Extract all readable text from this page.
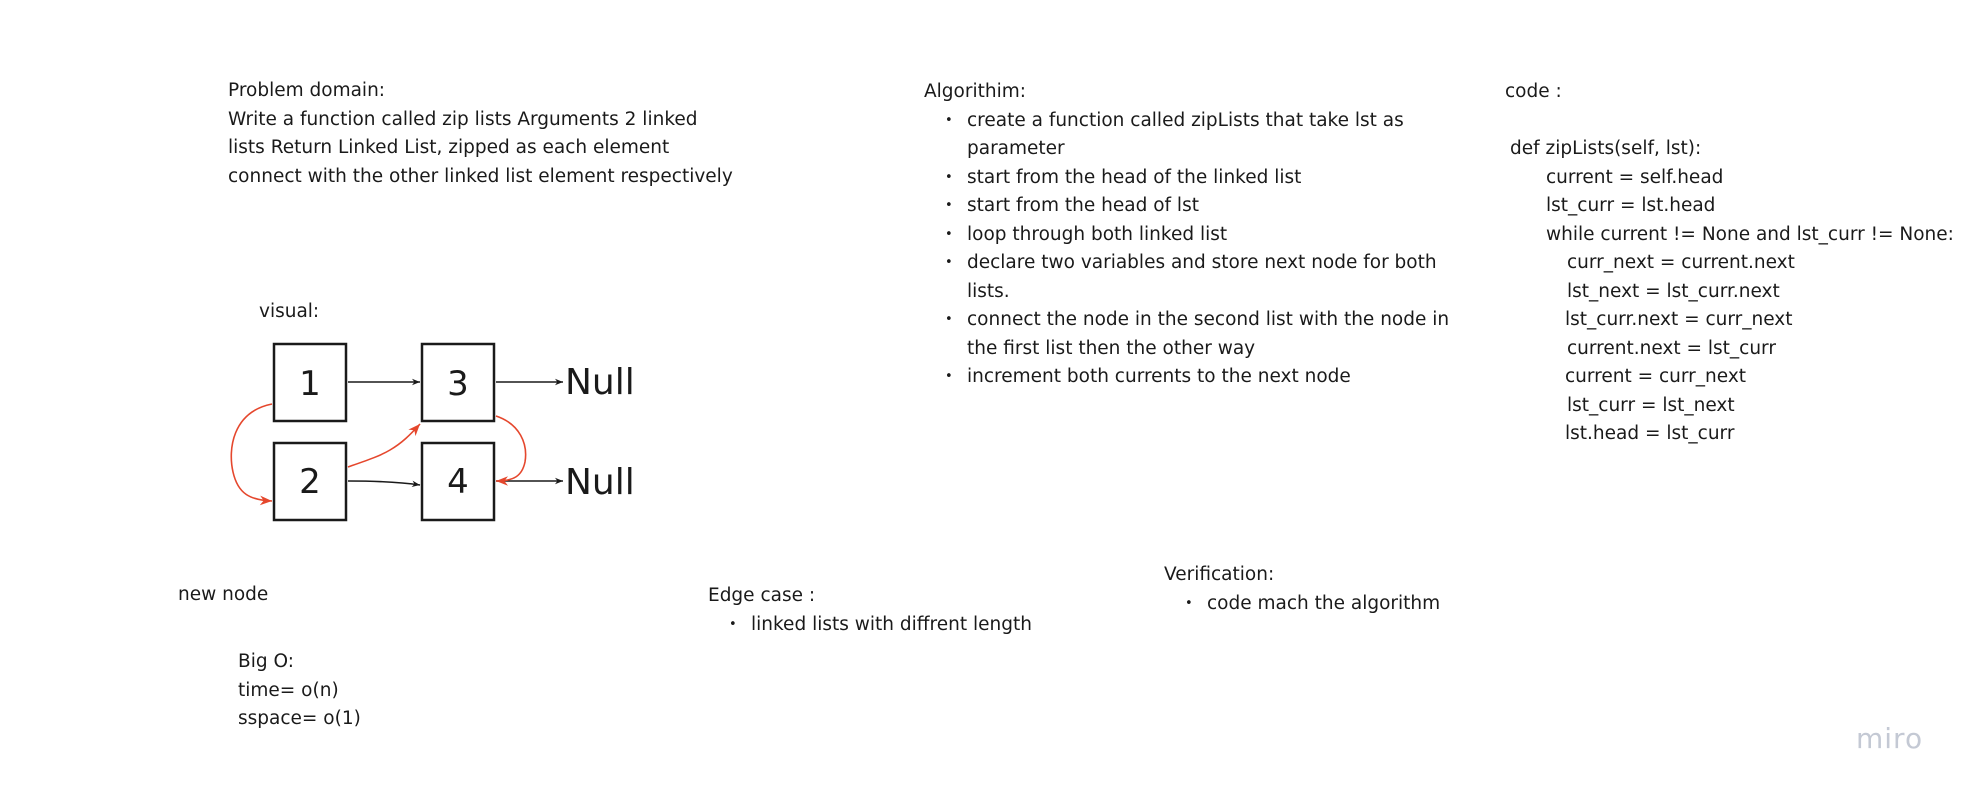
Problem domain:
Write a function called zip lists Arguments 2 linked
lists Return Linked List, zipped as each element
connect with the other linked list element respectively
Algorithim:
• create a function called zipLists that take lst as
parameter
• start from the head of the linked list
• start from the head of lst
• loop through both linked list
• declare two variables and store next node for both
lists.
• connect the node in the second list with the node in
the first list then the other way
• increment both currents to the next node
code :

def zipLists(self, lst):
current = self.head
lst_curr = lst.head
while current != None and lst_curr != None:
curr_next = current.next
lst_next = lst_curr.next
lst_curr.next = curr_next
current.next = lst_curr
current = curr_next
lst_curr = lst_next
lst.head = lst_curr
visual:
1	3
2	4
Null
Null
new node
Big O:
time= o(n)
sspace= o(1)
Edge case :
• linked lists with diffrent length
Verification:
• code mach the algorithm
miro
